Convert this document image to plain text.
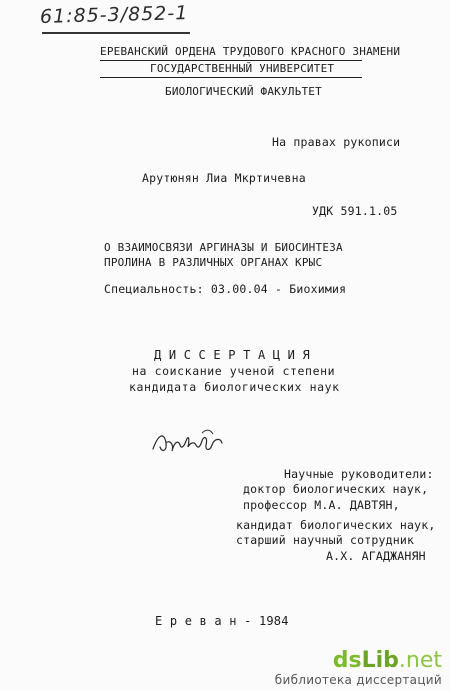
61:85-3/852-1
ЕРЕВАНСКИЙ ОРДЕНА ТРУДОВОГО КРАСНОГО ЗНАМЕНИ
ГОСУДАРСТВЕННЫЙ УНИВЕРСИТЕТ
БИОЛОГИЧЕСКИЙ ФАКУЛЬТЕТ
На правах рукописи
Арутюнян Лиа Мкртичевна
УДК 591.1.05
О ВЗАИМОСВЯЗИ АРГИНАЗЫ И БИОСИНТЕЗА
ПРОЛИНА В РАЗЛИЧНЫХ ОРГАНАХ КРЫС
Специальность: 03.00.04 - Биохимия
Д И С С Е Р Т А Ц И Я
на соискание ученой степени
кандидата биологических наук
Научные руководители:
доктор биологических наук,
профессор М.А. ДАВТЯН,
кандидат биологических наук,
старший научный сотрудник
А.Х. АГАДЖАНЯН
Е р е в а н - 1984
dsLib.net
библиотека диссертаций
